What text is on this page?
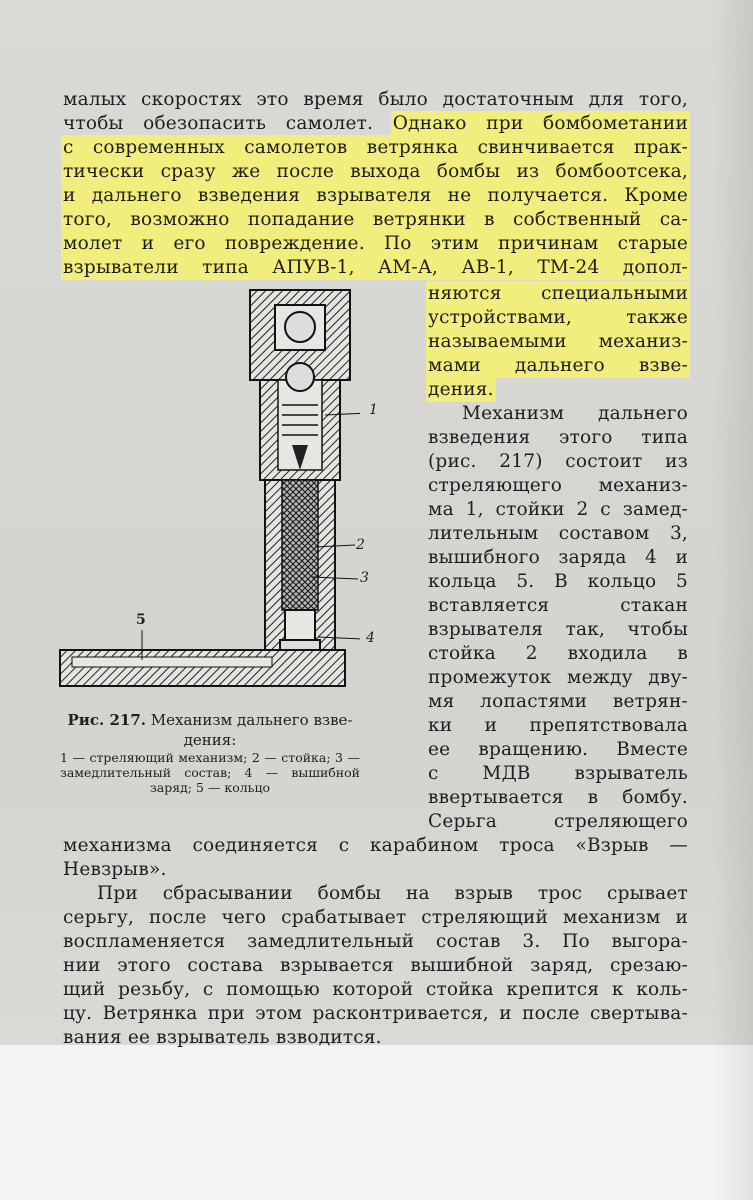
малых скоростях это время было достаточным для того,
чтобы обезопасить самолет. Однако при бомбометании
с современных самолетов ветрянка свинчивается прак-
тически сразу же после выхода бомбы из бомбоотсека,
и дальнего взведения взрывателя не получается. Кроме
того, возможно попадание ветрянки в собственный са-
молет и его повреждение. По этим причинам старые
взрыватели типа АПУВ-1, АМ-А, АВ-1, ТМ-24 допол-
няются специальными
устройствами, также
называемыми механиз-
мами дальнего взве-
дения.
Механизм дальнего
взведения этого типа
(рис. 217) состоит из
стреляющего механиз-
ма 1, стойки 2 с замед-
лительным составом 3,
вышибного заряда 4 и
кольца 5. В кольцо 5
вставляется стакан
взрывателя так, чтобы
стойка 2 входила в
промежуток между дву-
мя лопастями ветрян-
ки и препятствовала
ее вращению. Вместе
с МДВ взрыватель
ввертывается в бомбу.
Серьга стреляющего
механизма соединяется с карабином троса «Взрыв —
Невзрыв».
При сбрасывании бомбы на взрыв трос срывает
серьгу, после чего срабатывает стреляющий механизм и
воспламеняется замедлительный состав 3. По выгора-
нии этого состава взрывается вышибной заряд, срезаю-
щий резьбу, с помощью которой стойка крепится к коль-
цу. Ветрянка при этом расконтривается, и после свертыва-
вания ее взрыватель взводится.
1
2
3
4
5
Рис. 217. Механизм дальнего взве-дения:
1 — стреляющий механизм; 2 — стойка; 3 — замедлительный состав; 4 — вышибной заряд; 5 — кольцо
